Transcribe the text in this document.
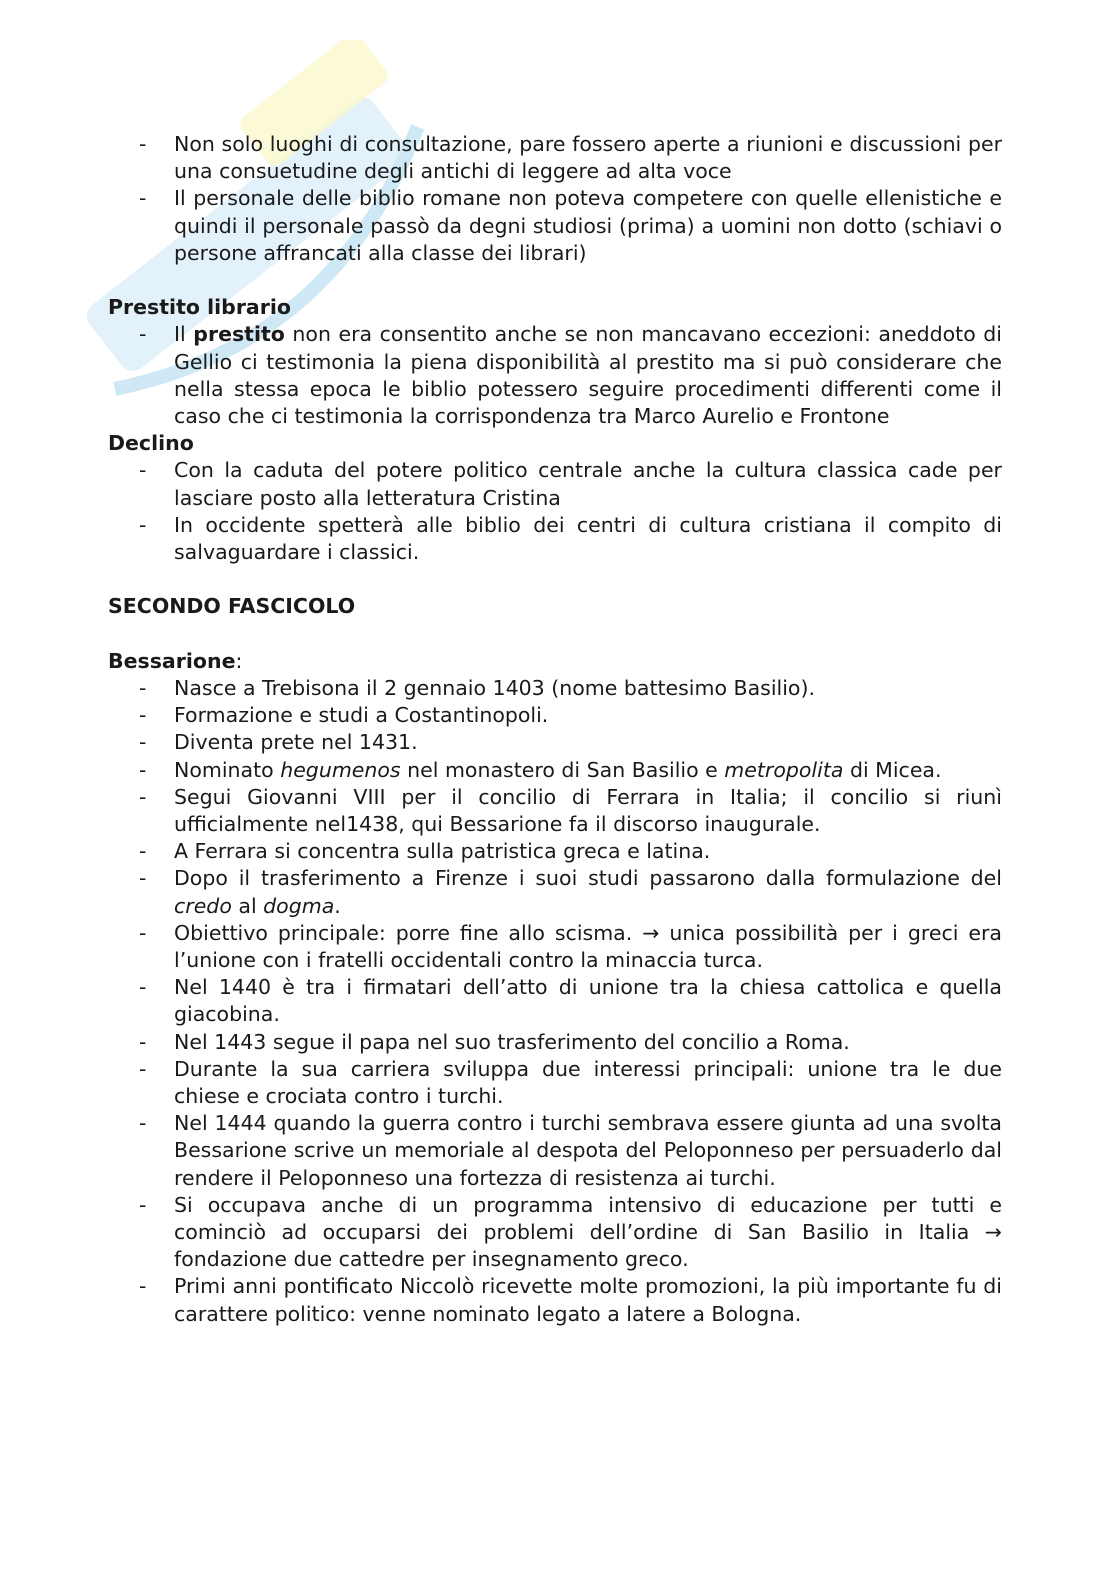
- Non solo luoghi di consultazione, pare fossero aperte a riunioni e discussioni per una consuetudine degli antichi di leggere ad alta voce
- Il personale delle biblio romane non poteva competere con quelle ellenistiche e quindi il personale passò da degni studiosi (prima) a uomini non dotto (schiavi o persone affrancati alla classe dei librari)
Prestito librario
- Il prestito non era consentito anche se non mancavano eccezioni: aneddoto di Gellio ci testimonia la piena disponibilità al prestito ma si può considerare che nella stessa epoca le biblio potessero seguire procedimenti differenti come il caso che ci testimonia la corrispondenza tra Marco Aurelio e Frontone
Declino
- Con la caduta del potere politico centrale anche la cultura classica cade per lasciare posto alla letteratura Cristina
- In occidente spetterà alle biblio dei centri di cultura cristiana il compito di salvaguardare i classici.
SECONDO FASCICOLO
Bessarione:
- Nasce a Trebisona il 2 gennaio 1403 (nome battesimo Basilio).
- Formazione e studi a Costantinopoli.
- Diventa prete nel 1431.
- Nominato hegumenos nel monastero di San Basilio e metropolita di Micea.
- Segui Giovanni VIII per il concilio di Ferrara in Italia; il concilio si riunì ufficialmente nel1438, qui Bessarione fa il discorso inaugurale.
- A Ferrara si concentra sulla patristica greca e latina.
- Dopo il trasferimento a Firenze i suoi studi passarono dalla formulazione del credo al dogma.
- Obiettivo principale: porre fine allo scisma. → unica possibilità per i greci era l’unione con i fratelli occidentali contro la minaccia turca.
- Nel 1440 è tra i firmatari dell’atto di unione tra la chiesa cattolica e quella giacobina.
- Nel 1443 segue il papa nel suo trasferimento del concilio a Roma.
- Durante la sua carriera sviluppa due interessi principali: unione tra le due chiese e crociata contro i turchi.
- Nel 1444 quando la guerra contro i turchi sembrava essere giunta ad una svolta Bessarione scrive un memoriale al despota del Peloponneso per persuaderlo dal rendere il Peloponneso una fortezza di resistenza ai turchi.
- Si occupava anche di un programma intensivo di educazione per tutti e cominciò ad occuparsi dei problemi dell’ordine di San Basilio in Italia → fondazione due cattedre per insegnamento greco.
- Primi anni pontificato Niccolò ricevette molte promozioni, la più importante fu di carattere politico: venne nominato legato a latere a Bologna.
